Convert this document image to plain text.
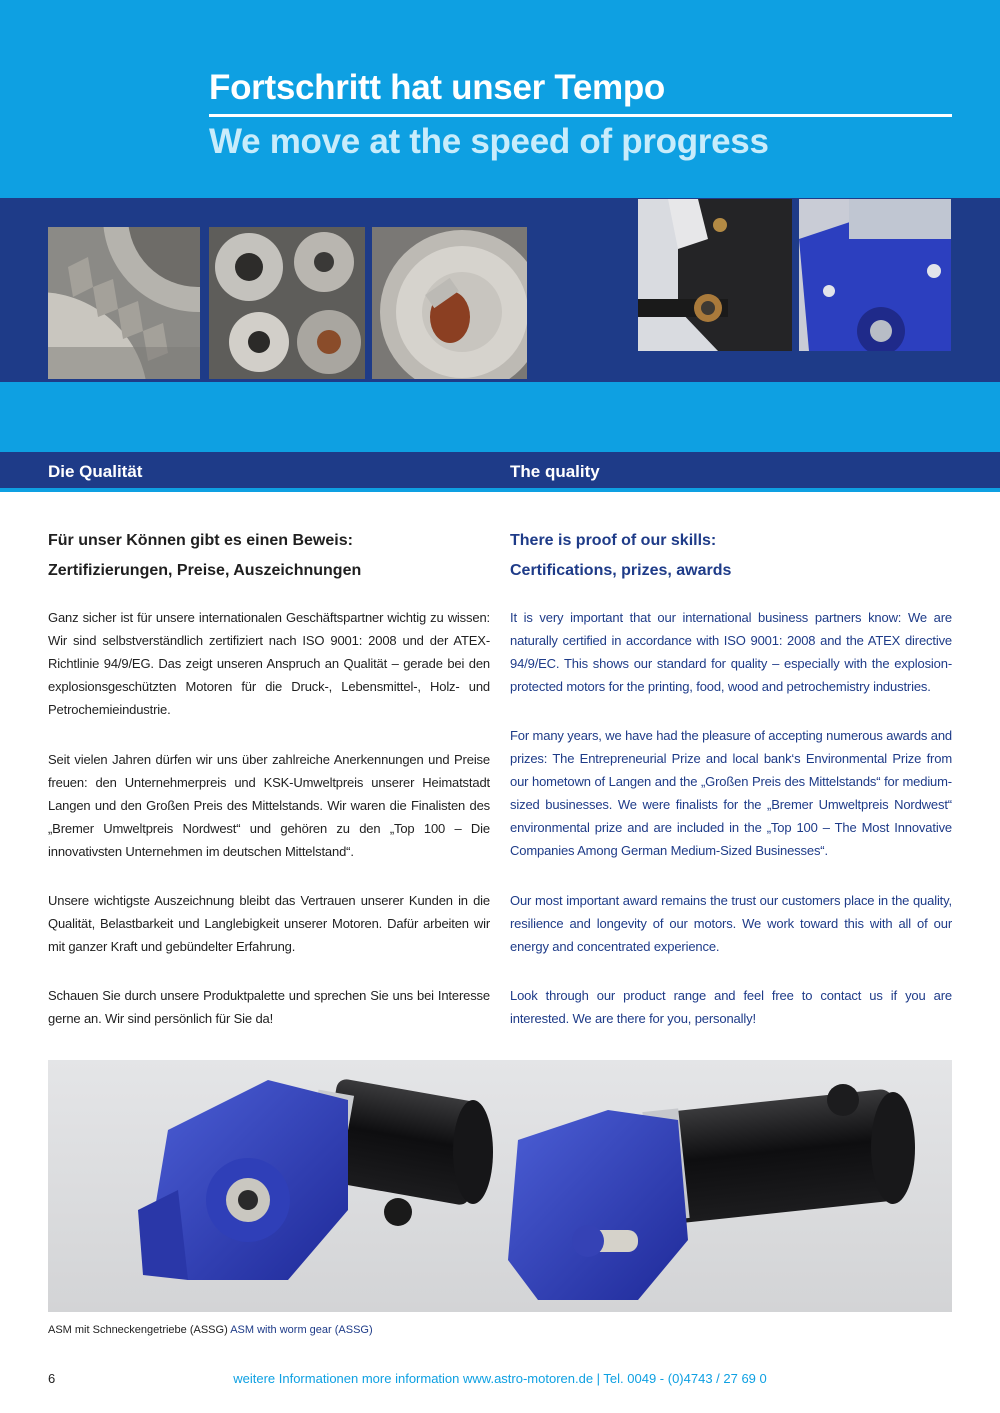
Fortschritt hat unser Tempo
We move at the speed of progress
Die Qualität	The quality
Für unser Können gibt es einen Beweis:
Zertifizierungen, Preise, Auszeichnungen

Ganz sicher ist für unsere internationalen Geschäftspartner wichtig zu wissen: Wir sind selbstverständlich zertifiziert nach ISO 9001: 2008 und der ATEX-Richtlinie 94/9/EG. Das zeigt unseren Anspruch an Qualität – gerade bei den explosionsgeschützten Motoren für die Druck-, Lebensmittel-, Holz- und Petrochemieindustrie.

Seit vielen Jahren dürfen wir uns über zahlreiche Anerkennungen und Preise freuen: den Unternehmerpreis und KSK-Umweltpreis unserer Heimatstadt Langen und den Großen Preis des Mittelstands. Wir waren die Finalisten des „Bremer Umweltpreis Nordwest“ und gehören zu den „Top 100 – Die innovativsten Unternehmen im deutschen Mittelstand“.

Unsere wichtigste Auszeichnung bleibt das Vertrauen unserer Kunden in die Qualität, Belastbarkeit und Langlebigkeit unserer Motoren. Dafür arbeiten wir mit ganzer Kraft und gebündelter Erfahrung.

Schauen Sie durch unsere Produktpalette und sprechen Sie uns bei Interesse gerne an. Wir sind persönlich für Sie da!

There is proof of our skills:
Certifications, prizes, awards

It is very important that our international business partners know: We are naturally certified in accordance with ISO 9001: 2008 and the ATEX directive 94/9/EC. This shows our standard for quality – especially with the explosion-protected motors for the printing, food, wood and petrochemistry industries.

For many years, we have had the pleasure of accepting numerous awards and prizes: The Entrepreneurial Prize and local bank‘s Environmental Prize from our hometown of Langen and the „Großen Preis des Mittelstands“ for medium-sized businesses. We were finalists for the „Bremer Umweltpreis Nordwest“ environmental prize and are included in the „Top 100 – The Most Innovative Companies Among German Medium-Sized Businesses“.

Our most important award remains the trust our customers place in the quality, resilience and longevity of our motors. We work toward this with all of our energy and concentrated experience.

Look through our product range and feel free to contact us if you are interested. We are there for you, personally!

ASM mit Schneckengetriebe (ASSG) ASM with worm gear (ASSG)
6	weitere Informationen more information www.astro-motoren.de | Tel. 0049 - (0)4743 / 27 69 0
